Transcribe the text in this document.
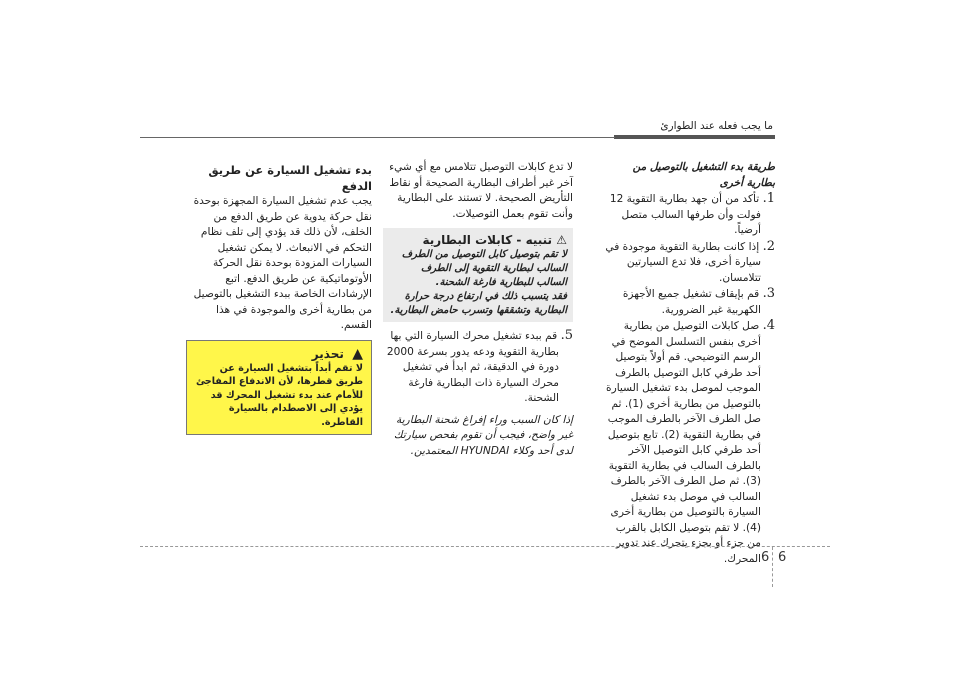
ما يجب فعله عند الطوارئ
طريقة بدء التشغيل بالتوصيل من بطارية أخرى
1. تأكد من أن جهد بطارية التقوية 12 فولت وأن طرفها السالب متصل أرضياً.
2. إذا كانت بطارية التقوية موجودة في سيارة أخرى، فلا تدع السيارتين تتلامسان.
3. قم بإيقاف تشغيل جميع الأجهزة الكهربية غير الضرورية.
4. صل كابلات التوصيل من بطارية أخرى بنفس التسلسل الموضح في الرسم التوضيحي. قم أولاً بتوصيل أحد طرفي كابل التوصيل بالطرف الموجب لموصل بدء تشغيل السيارة بالتوصيل من بطارية أخرى (1). ثم صل الطرف الآخر بالطرف الموجب في بطارية التقوية (2). تابع بتوصيل أحد طرفي كابل التوصيل الآخر بالطرف السالب في بطارية التقوية (3). ثم صل الطرف الآخر بالطرف السالب في موصل بدء تشغيل السيارة بالتوصيل من بطارية أخرى (4). لا تقم بتوصيل الكابل بالقرب من جزء أو بجزء يتحرك عند تدوير المحرك.
لا تدع كابلات التوصيل تتلامس مع أي شيء آخر غير أطراف البطارية الصحيحة أو نقاط التأريض الصحيحة. لا تستند على البطارية وأنت تقوم بعمل التوصيلات.
⚠ تنبيه - كابلات البطارية
لا تقم بتوصيل كابل التوصيل من الطرف السالب لبطارية التقوية إلى الطرف السالب للبطارية فارغة الشحنة.
فقد يتسبب ذلك في ارتفاع درجة حرارة البطارية وتشققها وتسرب حامض البطارية.
5. قم ببدء تشغيل محرك السيارة التي بها بطارية التقوية ودعه يدور بسرعة 2000 دورة في الدقيقة، ثم ابدأ في تشغيل محرك السيارة ذات البطارية فارغة الشحنة.
إذا كان السبب وراء إفراغ شحنة البطارية غير واضح، فيجب أن تقوم بفحص سيارتك لدى أحد وكلاء HYUNDAI المعتمدين.
بدء تشغيل السيارة عن طريق الدفع
يجب عدم تشغيل السيارة المجهزة بوحدة نقل حركة يدوية عن طريق الدفع من الخلف، لأن ذلك قد يؤدي إلى تلف نظام التحكم في الانبعاث. لا يمكن تشغيل السيارات المزودة بوحدة نقل الحركة الأوتوماتيكية عن طريق الدفع. اتبع الإرشادات الخاصة ببدء التشغيل بالتوصيل من بطارية أخرى والموجودة في هذا القسم.
▲  تحذير
لا تقم أبداً بتشغيل السيارة عن طريق قطرها، لأن الاندفاع المفاجئ للأمام عند بدء تشغيل المحرك قد يؤدي إلى الاصطدام بالسيارة القاطرة.
6 6
